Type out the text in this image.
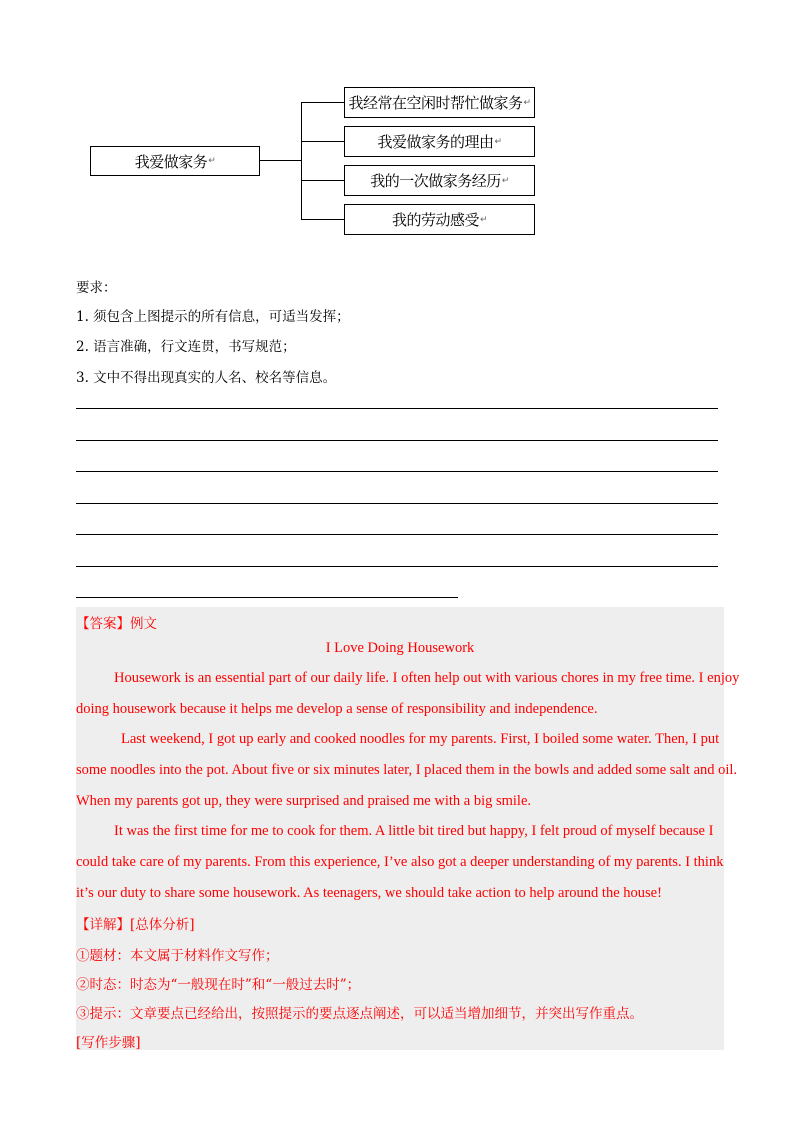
我爱做家务 ↵
我经常在空闲时帮忙做家务 ↵
我爱做家务的理由 ↵
我的一次做家务经历 ↵
我的劳动感受 ↵
要求：
1. 须包含上图提示的所有信息，可适当发挥；
2. 语言准确，行文连贯，书写规范；
3. 文中不得出现真实的人名、校名等信息。
【答案】例文
I Love Doing Housework
Housework is an essential part of our daily life. I often help out with various chores in my free time. I enjoy
doing housework because it helps me develop a sense of responsibility and independence.
Last weekend, I got up early and cooked noodles for my parents. First, I boiled some water. Then, I put
some noodles into the pot. About five or six minutes later, I placed them in the bowls and added some salt and oil.
When my parents got up, they were surprised and praised me with a big smile.
It was the first time for me to cook for them. A little bit tired but happy, I felt proud of myself because I
could take care of my parents. From this experience, I’ve also got a deeper understanding of my parents. I think
it’s our duty to share some housework. As teenagers, we should take action to help around the house!
【详解】[总体分析]
①题材：本文属于材料作文写作；
②时态：时态为“一般现在时”和“一般过去时”；
③提示：文章要点已经给出，按照提示的要点逐点阐述，可以适当增加细节，并突出写作重点。
[写作步骤]
